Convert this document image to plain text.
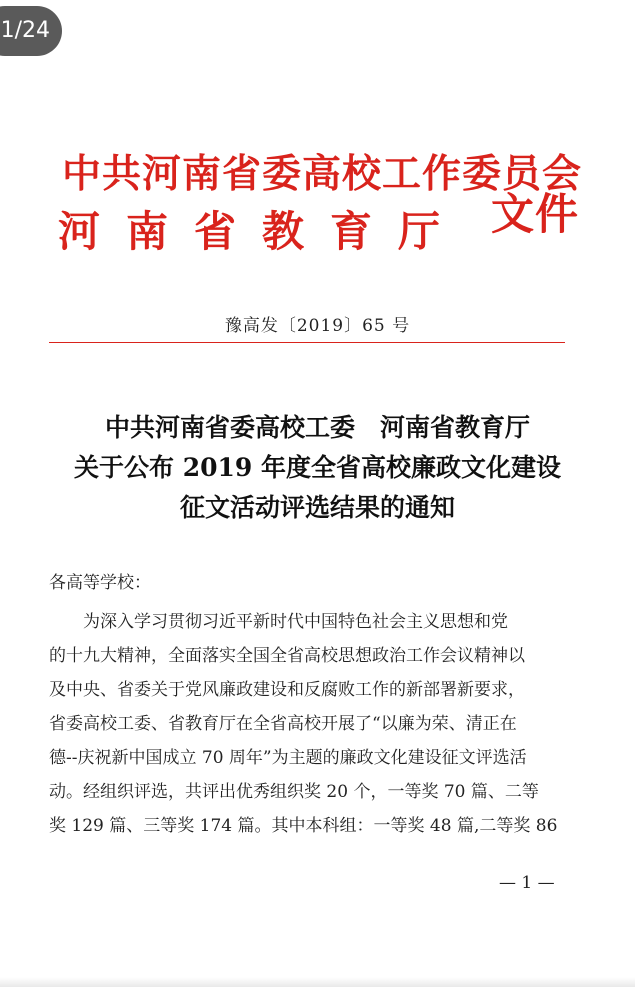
1/24
中共河南省委高校工作委员会
河南省教育厅 文件
豫高发〔2019〕65 号
中共河南省委高校工委　河南省教育厅
关于公布 2019 年度全省高校廉政文化建设
征文活动评选结果的通知
各高等学校：
为深入学习贯彻习近平新时代中国特色社会主义思想和党
的十九大精神，全面落实全国全省高校思想政治工作会议精神以
及中央、省委关于党风廉政建设和反腐败工作的新部署新要求，
省委高校工委、省教育厅在全省高校开展了“以廉为荣、清正在
德--庆祝新中国成立 70 周年”为主题的廉政文化建设征文评选活
动。经组织评选，共评出优秀组织奖 20 个，一等奖 70 篇、二等
奖 129 篇、三等奖 174 篇。其中本科组：一等奖 48 篇,二等奖 86
— 1 —
